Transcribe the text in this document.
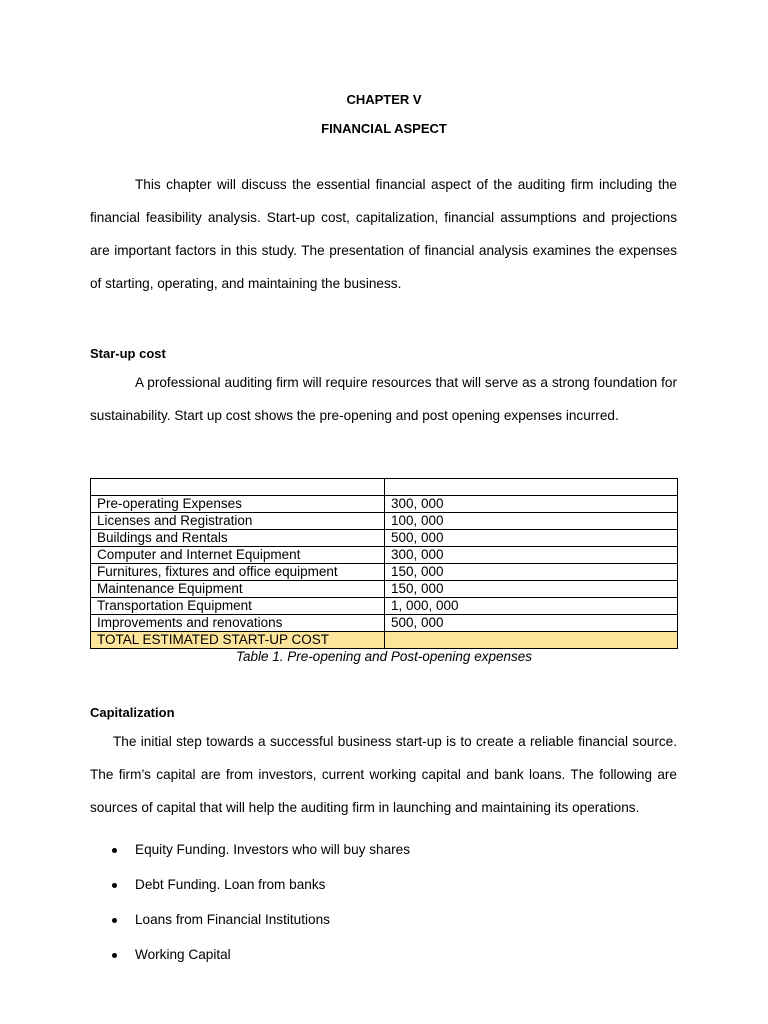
CHAPTER V
FINANCIAL ASPECT

This chapter will discuss the essential financial aspect of the auditing firm including the financial feasibility analysis. Start-up cost, capitalization, financial assumptions and projections are important factors in this study. The presentation of financial analysis examines the expenses of starting, operating, and maintaining the business.

Star-up cost

A professional auditing firm will require resources that will serve as a strong foundation for sustainability. Start up cost shows the pre-opening and post opening expenses incurred.

Pre-operating Expenses	300, 000
Licenses and Registration	100, 000
Buildings and Rentals	500, 000
Computer and Internet Equipment	300, 000
Furnitures, fixtures and office equipment	150, 000
Maintenance Equipment	150, 000
Transportation Equipment	1, 000, 000
Improvements and renovations	500, 000
TOTAL ESTIMATED START-UP COST	

Table 1. Pre-opening and Post-opening expenses

Capitalization

The initial step towards a successful business start-up is to create a reliable financial source. The firm’s capital are from investors, current working capital and bank loans. The following are sources of capital that will help the auditing firm in launching and maintaining its operations.

Equity Funding. Investors who will buy shares
Debt Funding. Loan from banks
Loans from Financial Institutions
Working Capital
